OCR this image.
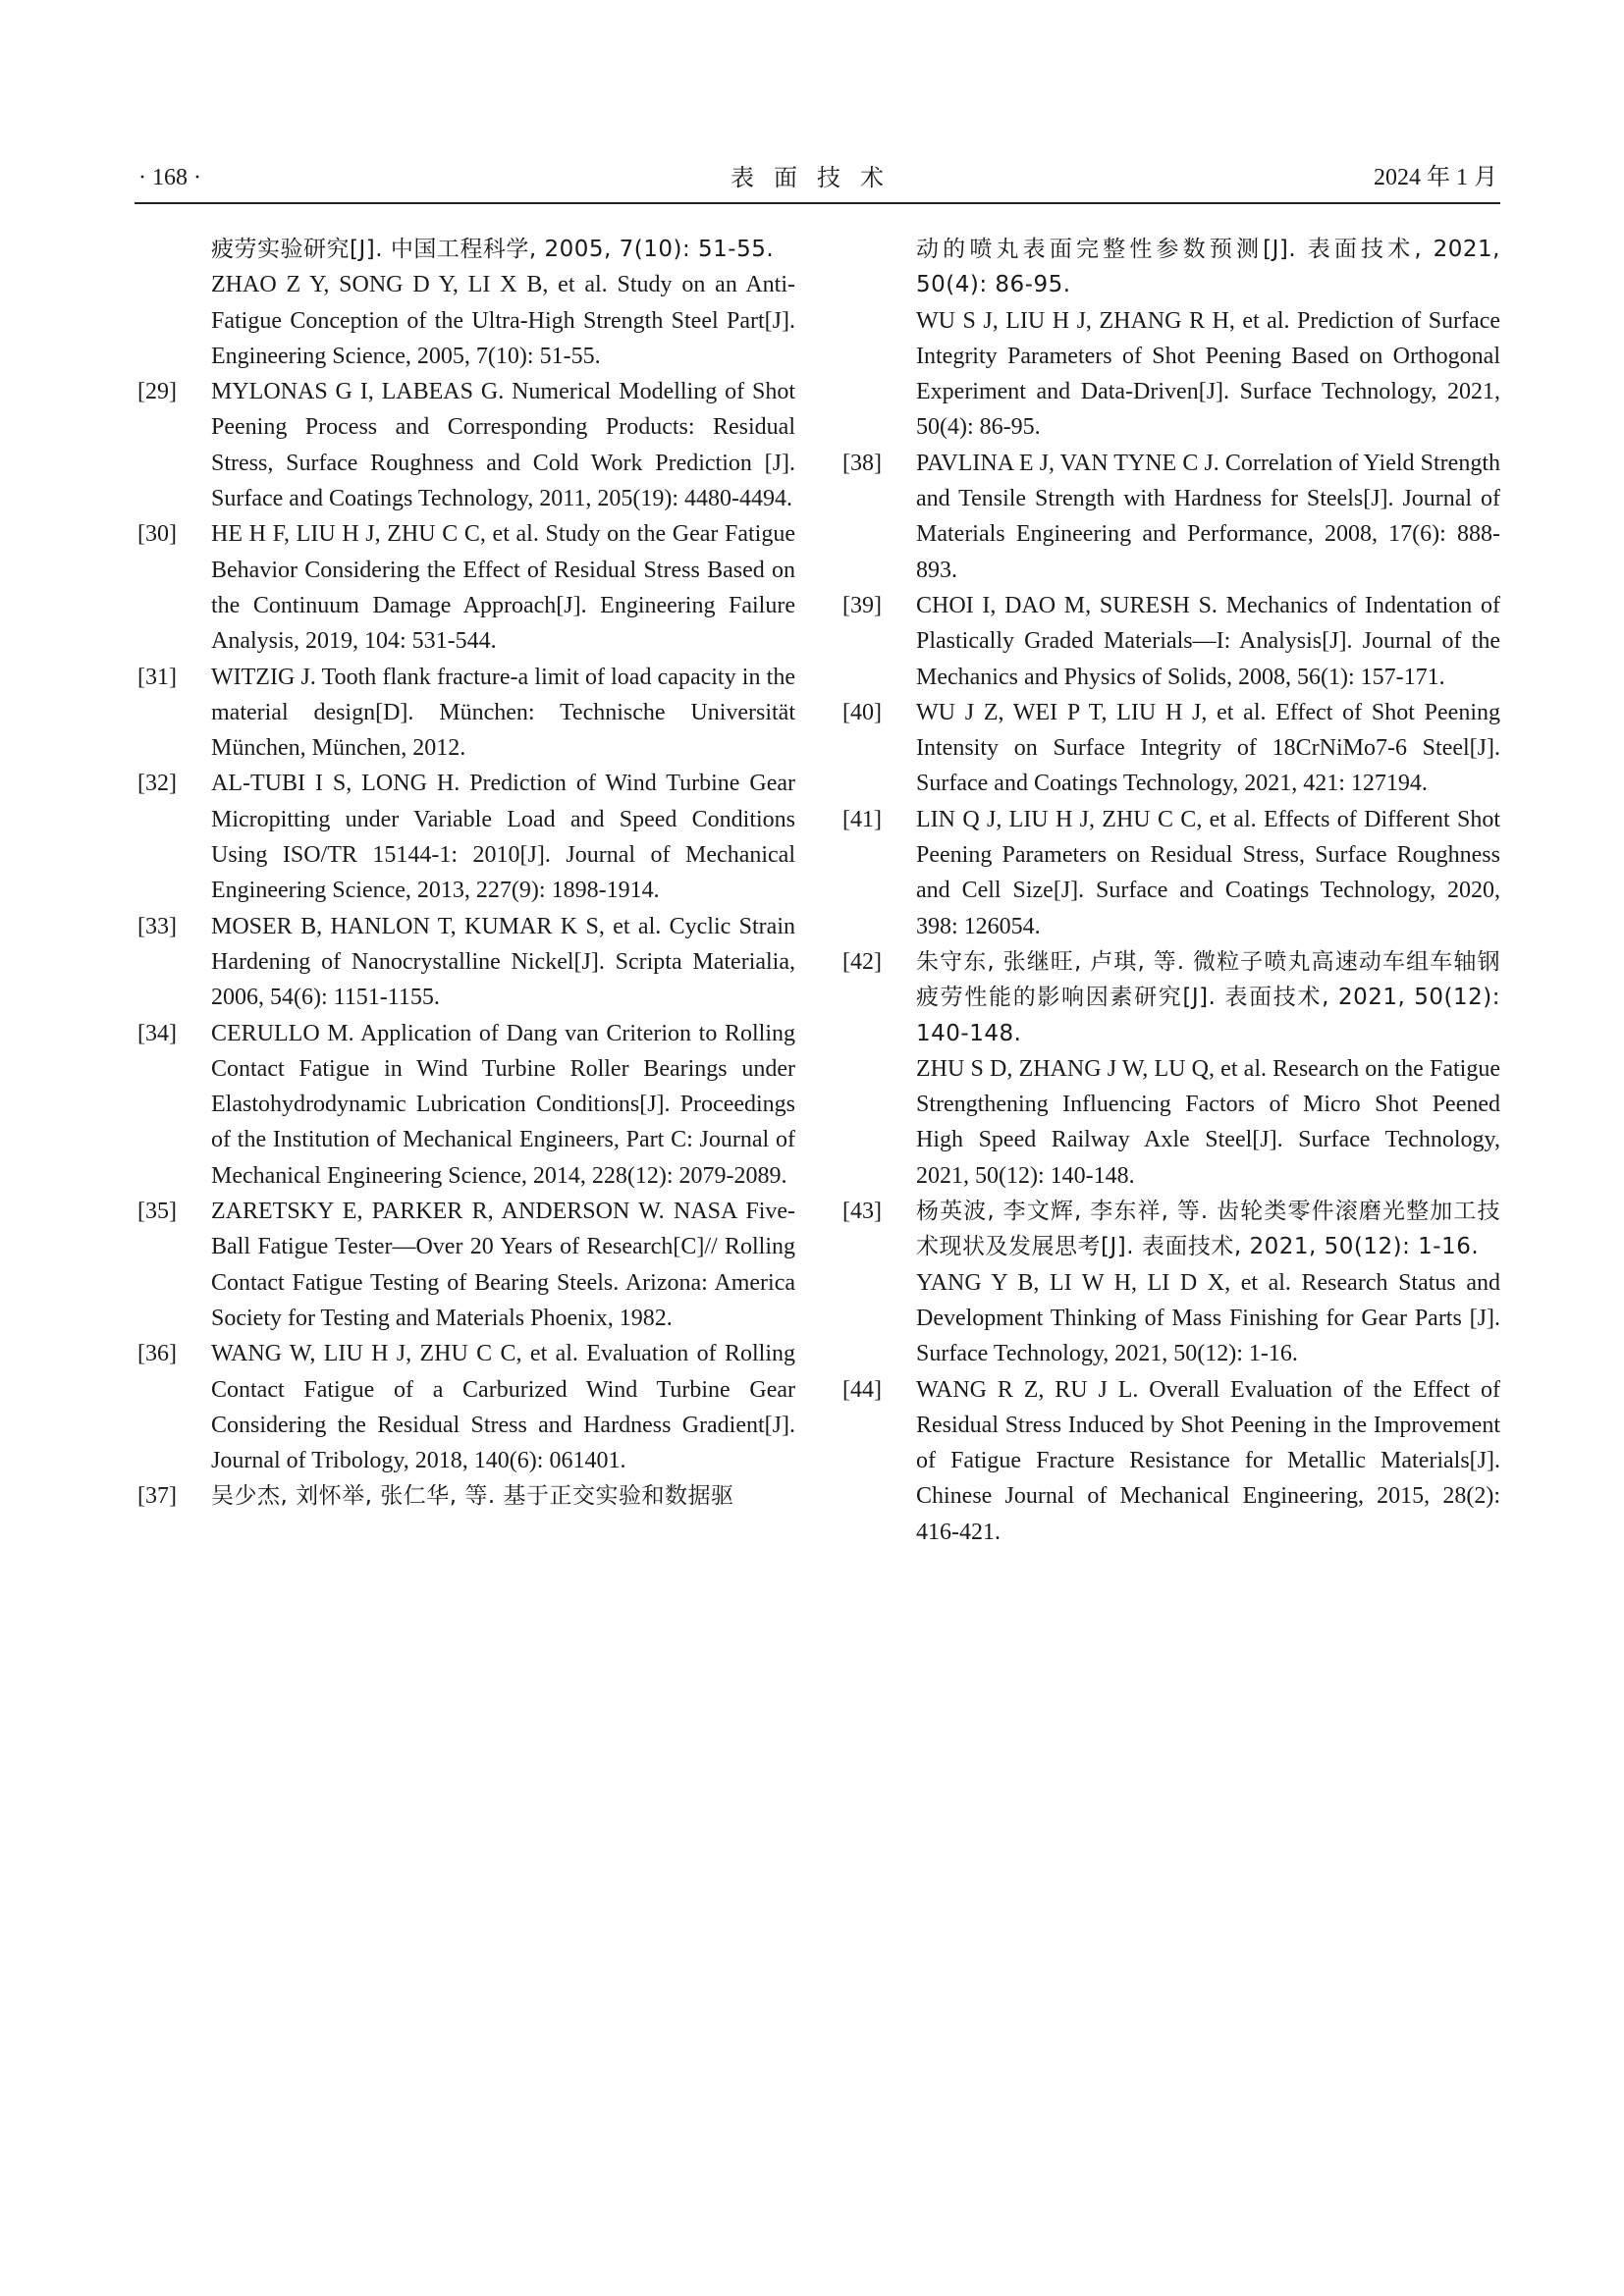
· 168 ·	表面技术	2024 年 1 月
疲劳实验研究[J]. 中国工程科学, 2005, 7(10): 51-55.
ZHAO Z Y, SONG D Y, LI X B, et al. Study on an Anti-Fatigue Conception of the Ultra-High Strength Steel Part[J]. Engineering Science, 2005, 7(10): 51-55.
[29] MYLONAS G I, LABEAS G. Numerical Modelling of Shot Peening Process and Corresponding Products: Residual Stress, Surface Roughness and Cold Work Prediction [J]. Surface and Coatings Technology, 2011, 205(19): 4480-4494.
[30] HE H F, LIU H J, ZHU C C, et al. Study on the Gear Fatigue Behavior Considering the Effect of Residual Stress Based on the Continuum Damage Approach[J]. Engineering Failure Analysis, 2019, 104: 531-544.
[31] WITZIG J. Tooth flank fracture-a limit of load capacity in the material design[D]. München: Technische Universität München, München, 2012.
[32] AL-TUBI I S, LONG H. Prediction of Wind Turbine Gear Micropitting under Variable Load and Speed Conditions Using ISO/TR 15144-1: 2010[J]. Journal of Mechanical Engineering Science, 2013, 227(9): 1898-1914.
[33] MOSER B, HANLON T, KUMAR K S, et al. Cyclic Strain Hardening of Nanocrystalline Nickel[J]. Scripta Materialia, 2006, 54(6): 1151-1155.
[34] CERULLO M. Application of Dang van Criterion to Rolling Contact Fatigue in Wind Turbine Roller Bearings under Elastohydrodynamic Lubrication Conditions[J]. Proceedings of the Institution of Mechanical Engineers, Part C: Journal of Mechanical Engineering Science, 2014, 228(12): 2079-2089.
[35] ZARETSKY E, PARKER R, ANDERSON W. NASA Five-Ball Fatigue Tester—Over 20 Years of Research[C]// Rolling Contact Fatigue Testing of Bearing Steels. Arizona: America Society for Testing and Materials Phoenix, 1982.
[36] WANG W, LIU H J, ZHU C C, et al. Evaluation of Rolling Contact Fatigue of a Carburized Wind Turbine Gear Considering the Residual Stress and Hardness Gradient[J]. Journal of Tribology, 2018, 140(6): 061401.
[37] 吴少杰, 刘怀举, 张仁华, 等. 基于正交实验和数据驱
动的喷丸表面完整性参数预测[J]. 表面技术, 2021, 50(4): 86-95.
WU S J, LIU H J, ZHANG R H, et al. Prediction of Surface Integrity Parameters of Shot Peening Based on Orthogonal Experiment and Data-Driven[J]. Surface Technology, 2021, 50(4): 86-95.
[38] PAVLINA E J, VAN TYNE C J. Correlation of Yield Strength and Tensile Strength with Hardness for Steels[J]. Journal of Materials Engineering and Performance, 2008, 17(6): 888-893.
[39] CHOI I, DAO M, SURESH S. Mechanics of Indentation of Plastically Graded Materials—I: Analysis[J]. Journal of the Mechanics and Physics of Solids, 2008, 56(1): 157-171.
[40] WU J Z, WEI P T, LIU H J, et al. Effect of Shot Peening Intensity on Surface Integrity of 18CrNiMo7-6 Steel[J]. Surface and Coatings Technology, 2021, 421: 127194.
[41] LIN Q J, LIU H J, ZHU C C, et al. Effects of Different Shot Peening Parameters on Residual Stress, Surface Roughness and Cell Size[J]. Surface and Coatings Technology, 2020, 398: 126054.
[42] 朱守东, 张继旺, 卢琪, 等. 微粒子喷丸高速动车组车轴钢疲劳性能的影响因素研究[J]. 表面技术, 2021, 50(12): 140-148.
ZHU S D, ZHANG J W, LU Q, et al. Research on the Fatigue Strengthening Influencing Factors of Micro Shot Peened High Speed Railway Axle Steel[J]. Surface Technology, 2021, 50(12): 140-148.
[43] 杨英波, 李文辉, 李东祥, 等. 齿轮类零件滚磨光整加工技术现状及发展思考[J]. 表面技术, 2021, 50(12): 1-16.
YANG Y B, LI W H, LI D X, et al. Research Status and Development Thinking of Mass Finishing for Gear Parts [J]. Surface Technology, 2021, 50(12): 1-16.
[44] WANG R Z, RU J L. Overall Evaluation of the Effect of Residual Stress Induced by Shot Peening in the Improvement of Fatigue Fracture Resistance for Metallic Materials[J]. Chinese Journal of Mechanical Engineering, 2015, 28(2): 416-421.
